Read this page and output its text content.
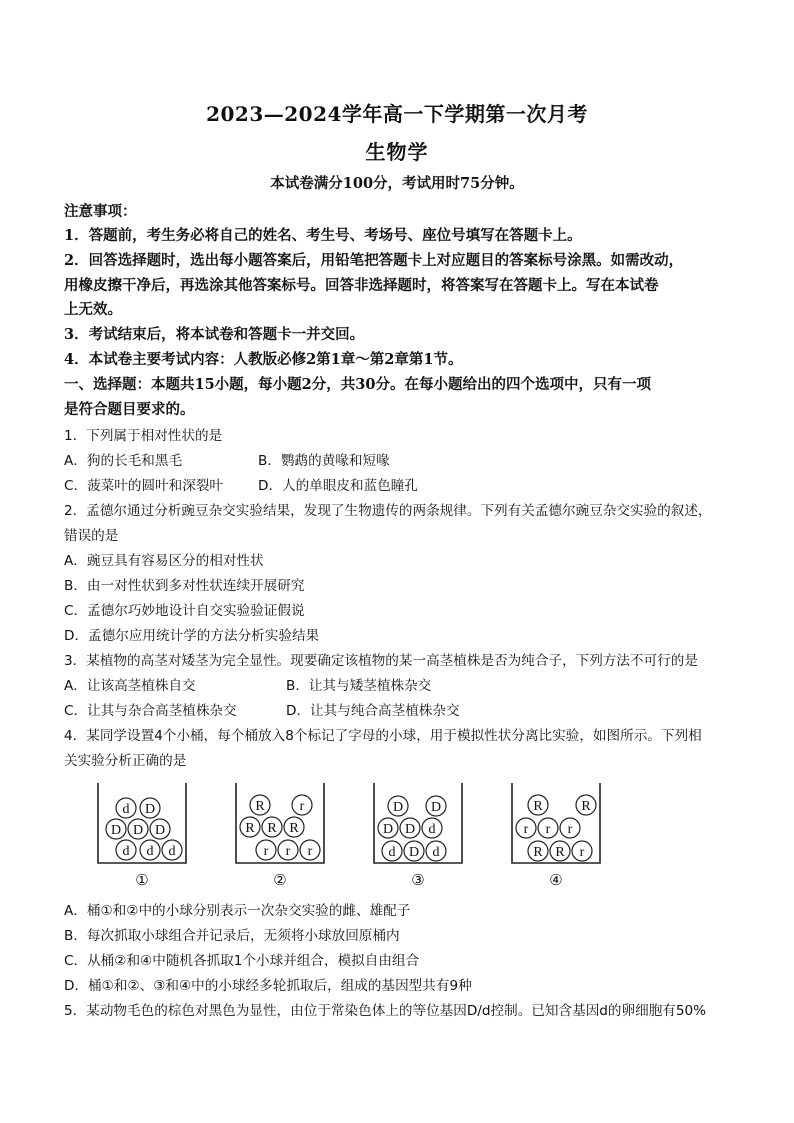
2023—2024学年高一下学期第一次月考
生物学
本试卷满分100分，考试用时75分钟。
注意事项：
1．答题前，考生务必将自己的姓名、考生号、考场号、座位号填写在答题卡上。
2．回答选择题时，选出每小题答案后，用铅笔把答题卡上对应题目的答案标号涂黑。如需改动，
用橡皮擦干净后，再选涂其他答案标号。回答非选择题时，将答案写在答题卡上。写在本试卷
上无效。
3．考试结束后，将本试卷和答题卡一并交回。
4．本试卷主要考试内容：人教版必修2第1章～第2章第1节。
一、选择题：本题共15小题，每小题2分，共30分。在每小题给出的四个选项中，只有一项
是符合题目要求的。
1．下列属于相对性状的是
A．狗的长毛和黑毛	B．鹦鹉的黄喙和短喙
C．菠菜叶的圆叶和深裂叶	D．人的单眼皮和蓝色瞳孔
2．孟德尔通过分析豌豆杂交实验结果，发现了生物遗传的两条规律。下列有关孟德尔豌豆杂交实验的叙述，
错误的是
A．豌豆具有容易区分的相对性状
B．由一对性状到多对性状连续开展研究
C．孟德尔巧妙地设计自交实验验证假说
D．孟德尔应用统计学的方法分析实验结果
3．某植物的高茎对矮茎为完全显性。现要确定该植物的某一高茎植株是否为纯合子，下列方法不可行的是
A．让该高茎植株自交	B．让其与矮茎植株杂交
C．让其与杂合高茎植株杂交	D．让其与纯合高茎植株杂交
4．某同学设置4个小桶，每个桶放入8个标记了字母的小球，用于模拟性状分离比实验，如图所示。下列相
关实验分析正确的是
d D
D D D
d d d
①
R r
R R R
r r r
②
D D
D D d
d D d
③
R	R
r r r
R R r
④
A．桶①和②中的小球分别表示一次杂交实验的雌、雄配子
B．每次抓取小球组合并记录后，无须将小球放回原桶内
C．从桶②和④中随机各抓取1个小球并组合，模拟自由组合
D．桶①和②、③和④中的小球经多轮抓取后，组成的基因型共有9种
5．某动物毛色的棕色对黑色为显性，由位于常染色体上的等位基因D/d控制。已知含基因d的卵细胞有50%
